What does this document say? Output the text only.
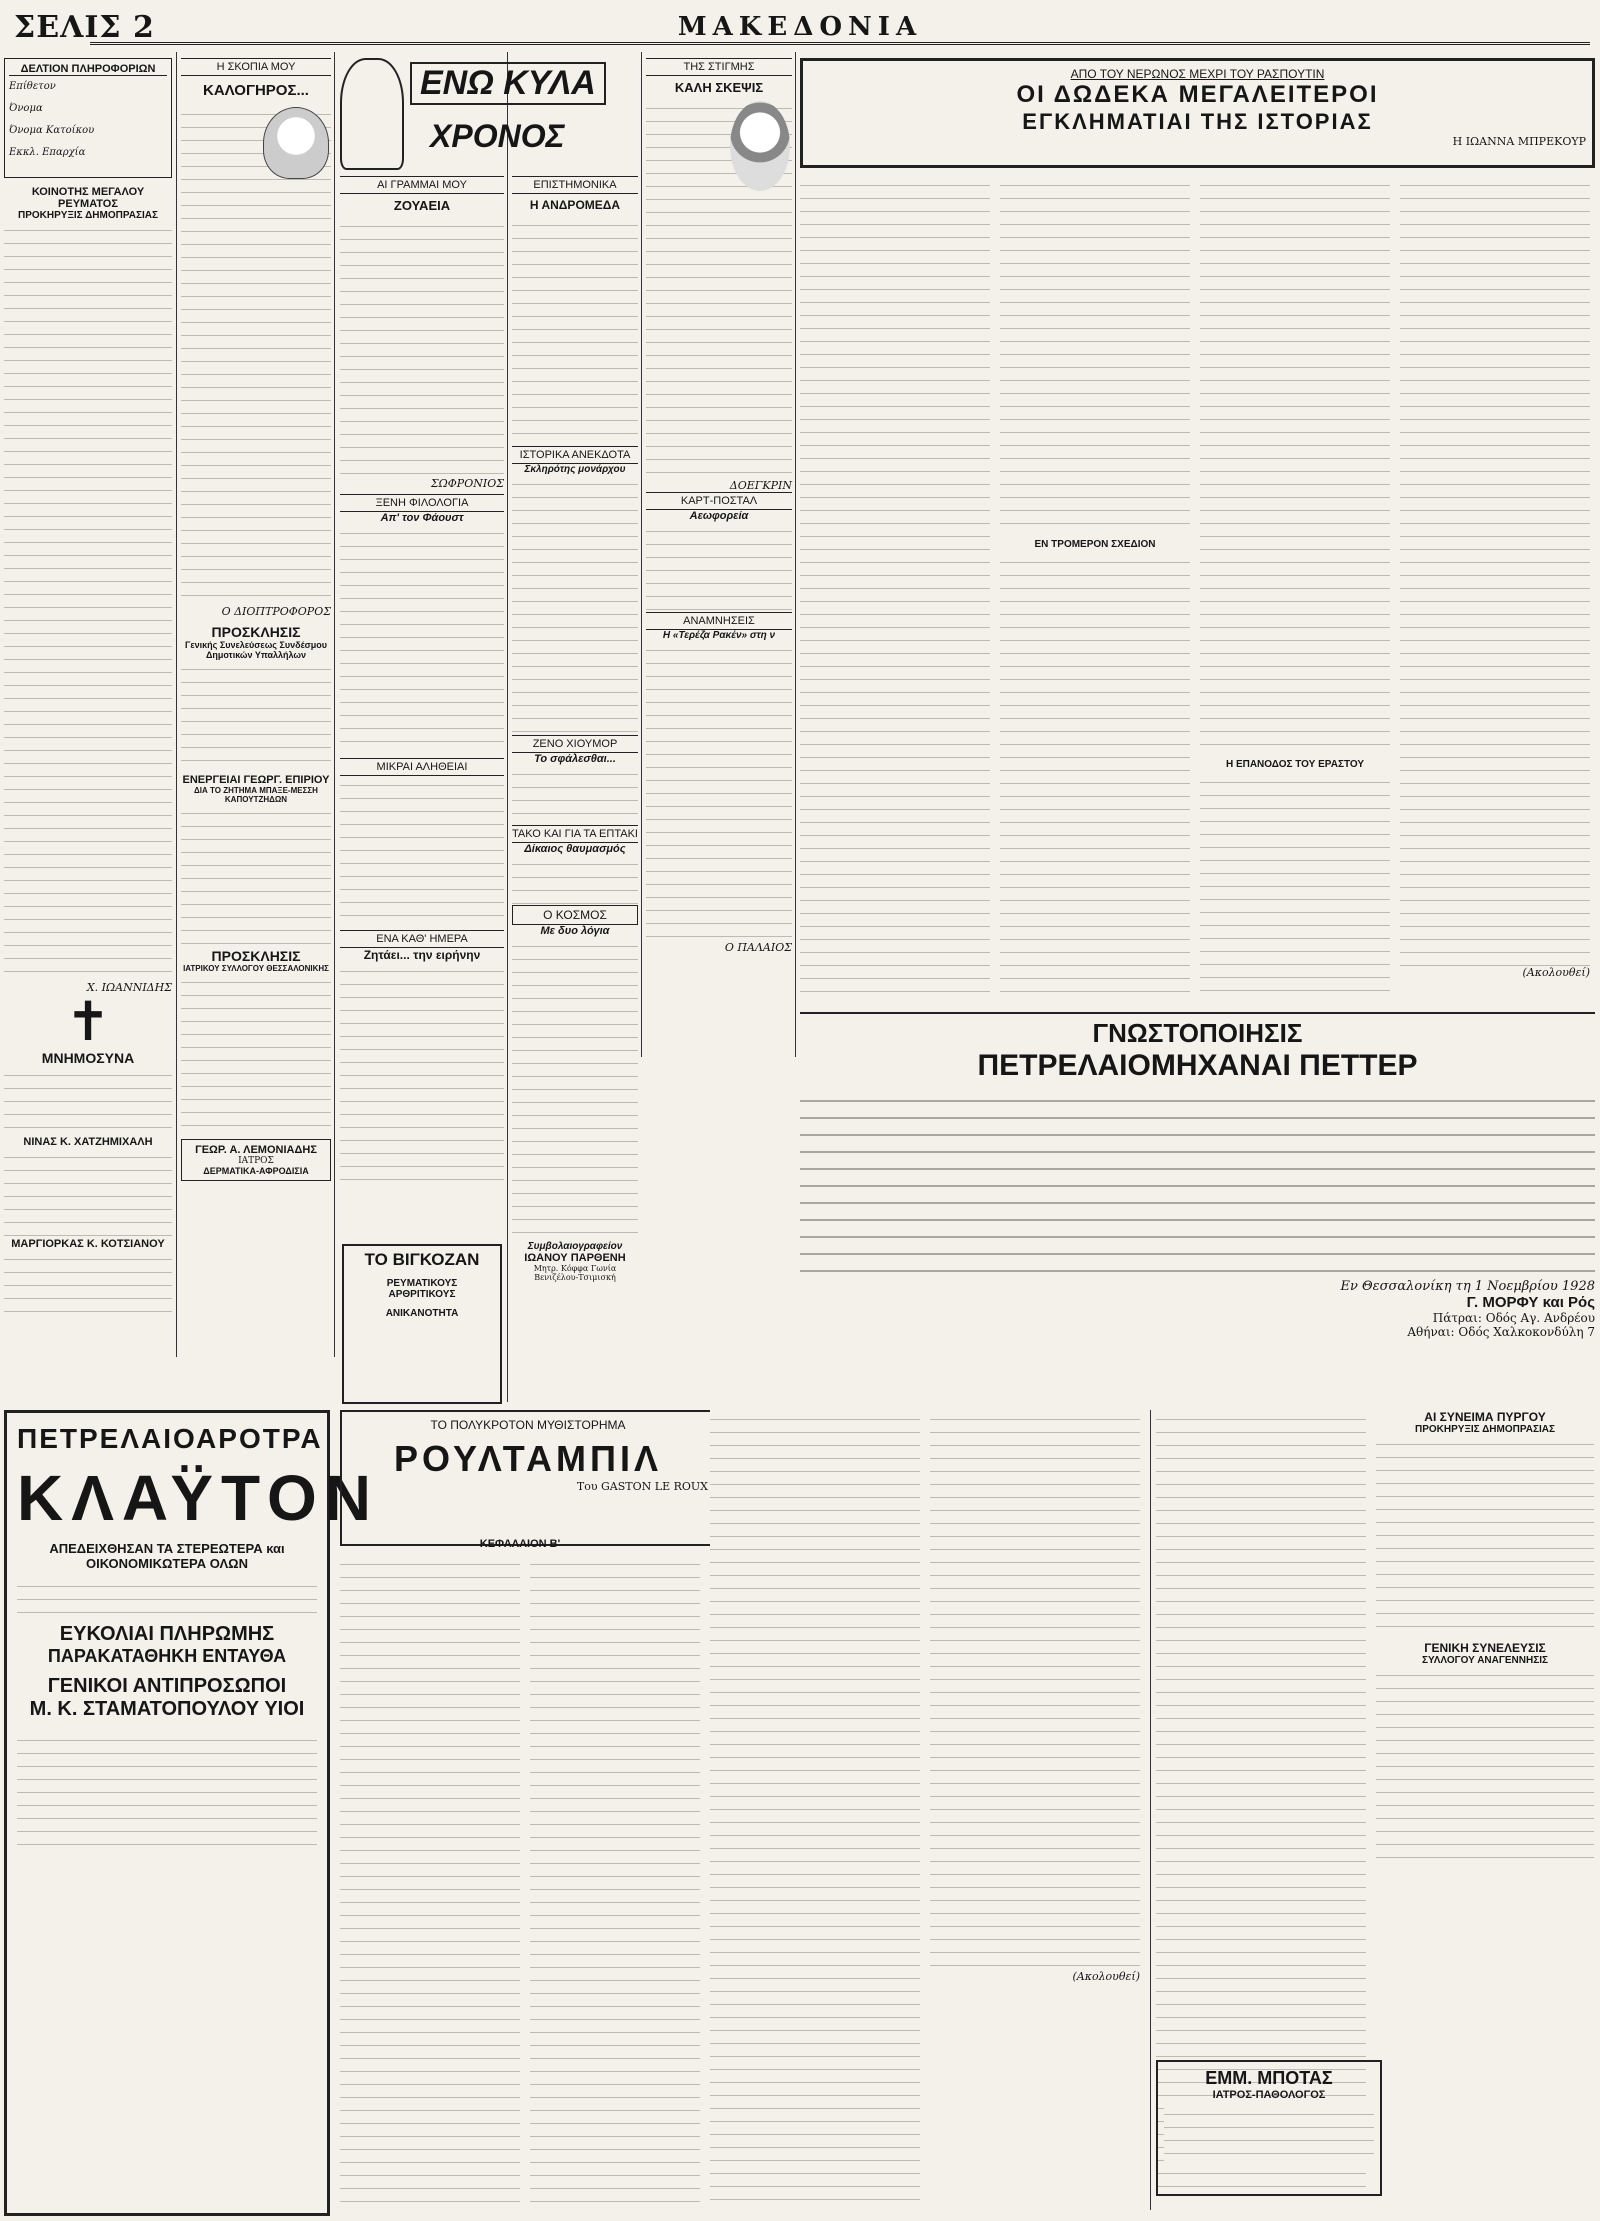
ΣΕΛΙΣ 2	ΜΑΚΕΔΟΝΙΑ
ΔΕΛΤΙΟΝ ΠΛΗΡΟΦΟΡΙΩΝ
Επίθετον
Όνομα
Όνομα Κατοίκου
Εκκλ. Επαρχία
ΚΟΙΝΟΤΗΣ ΜΕΓΑΛΟΥ ΡΕΥΜΑΤΟΣ
ΠΡΟΚΗΡΥΞΙΣ ΔΗΜΟΠΡΑΣΙΑΣ
Χ. ΙΩΑΝΝΙΔΗΣ
✝
ΜΝΗΜΟΣΥΝΑ
ΝΙΝΑΣ Κ. ΧΑΤΖΗΜΙΧΑΛΗ
ΜΑΡΓΙΟΡΚΑΣ Κ. ΚΟΤΣΙΑΝΟΥ
Η ΣΚΟΠΙΑ ΜΟΥ
ΚΑΛΟΓΗΡΟΣ...
Ο ΔΙΟΠΤΡΟΦΟΡΟΣ
ΠΡΟΣΚΛΗΣΙΣ
Γενικής Συνελεύσεως Συνδέσμου Δημοτικών Υπαλλήλων
ΕΝΕΡΓΕΙΑΙ ΓΕΩΡΓ. ΕΠΙΡΙΟΥ
ΔΙΑ ΤΟ ΖΗΤΗΜΑ ΜΠΑΞΕ-ΜΕΣΣΗ ΚΑΠΟΥΤΖΗΔΩΝ
ΠΡΟΣΚΛΗΣΙΣ
ΙΑΤΡΙΚΟΥ ΣΥΛΛΟΓΟΥ ΘΕΣΣΑΛΟΝΙΚΗΣ
ΓΕΩΡ. Α. ΛΕΜΟΝΙΑΔΗΣ
ΙΑΤΡΟΣ
ΔΕΡΜΑΤΙΚΑ-ΑΦΡΟΔΙΣΙΑ
ΕΝΩ ΚΥΛΑ
ΧΡΟΝΟΣ
ΑΙ ΓΡΑΜΜΑΙ ΜΟΥ
ΖΟΥΑΕΙΑ
ΣΩΦΡΟΝΙΟΣ
ΞΕΝΗ ΦΙΛΟΛΟΓΙΑ
Απ' τον Φάουστ
ΜΙΚΡΑΙ ΑΛΗΘΕΙΑΙ
ΕΝΑ ΚΑΘ' ΗΜΕΡΑ
Ζητάει... την ειρήνην
ΤΟ ΒΙΓΚΟΖΑΝ
ΡΕΥΜΑΤΙΚΟΥΣ
ΑΡΘΡΙΤΙΚΟΥΣ
ΑΝΙΚΑΝΟΤΗΤΑ
ΕΠΙΣΤΗΜΟΝΙΚΑ
Η ΑΝΔΡΟΜΕΔΑ
ΙΣΤΟΡΙΚΑ ΑΝΕΚΔΟΤΑ
Σκληρότης μονάρχου
ΖΕΝΟ ΧΙΟΥΜΟΡ
Το σφάλεσθαι...
ΤΑΚΟ ΚΑΙ ΓΙΑ ΤΑ ΕΠΤΑΚΙ
Δίκαιος θαυμασμός
Ο ΚΟΣΜΟΣ
Με δυο λόγια
Συμβολαιογραφείον
ΙΩΑΝΟΥ ΠΑΡΘΕΝΗ
Μητρ. Κόφφα Γωνία Βενιζέλου-Τσιμισκή
ΤΗΣ ΣΤΙΓΜΗΣ
ΚΑΛΗ ΣΚΕΨΙΣ
ΔΟΕΓΚΡΙΝ
ΚΑΡΤ-ΠΟΣΤΑΛ
Αεωφορεία
ΑΝΑΜΝΗΣΕΙΣ
Η «Τερέζα Ρακέν» στη ν
Ο ΠΑΛΑΙΟΣ
ΑΠΟ ΤΟΥ ΝΕΡΩΝΟΣ ΜΕΧΡΙ ΤΟΥ ΡΑΣΠΟΥΤΙΝ
ΟΙ ΔΩΔΕΚΑ ΜΕΓΑΛΕΙΤΕΡΟΙ
ΕΓΚΛΗΜΑΤΙΑΙ ΤΗΣ ΙΣΤΟΡΙΑΣ
Η ΙΩΑΝΝΑ ΜΠΡΕΚΟΥΡ
ΕΝ ΤΡΟΜΕΡΟΝ ΣΧΕΔΙΟΝ
Η ΕΠΑΝΟΔΟΣ ΤΟΥ ΕΡΑΣΤΟΥ
(Ακολουθεί)
ΓΝΩΣΤΟΠΟΙΗΣΙΣ
ΠΕΤΡΕΛΑΙΟΜΗΧΑΝΑΙ ΠΕΤΤΕΡ
Εν Θεσσαλονίκη τη 1 Νοεμβρίου 1928
Γ. ΜΟΡΦΥ και Ρός
Πάτραι: Οδός Αγ. Ανδρέου
Αθήναι: Οδός Χαλκοκονδύλη 7
ΠΕΤΡΕΛΑΙΟΑΡΟΤΡΑ
ΚΛΑΫΤΟΝ
ΑΠΕΔΕΙΧΘΗΣΑΝ ΤΑ ΣΤΕΡΕΩΤΕΡΑ και
ΟΙΚΟΝΟΜΙΚΩΤΕΡΑ ΟΛΩΝ
ΕΥΚΟΛΙΑΙ ΠΛΗΡΩΜΗΣ
ΠΑΡΑΚΑΤΑΘΗΚΗ ΕΝΤΑΥΘΑ
ΓΕΝΙΚΟΙ ΑΝΤΙΠΡΟΣΩΠΟΙ
Μ. Κ. ΣΤΑΜΑΤΟΠΟΥΛΟΥ ΥΙΟΙ
ΤΟ ΠΟΛΥΚΡΟΤΟΝ ΜΥΘΙΣΤΟΡΗΜΑ
ΡΟΥΛΤΑΜΠΙΛ
Του GASTON LE ROUX
ΚΕΦΑΛΑΙΟΝ Β'
(Ακολουθεί)
ΑΙ ΣΥΝΕΙΜΑ ΠΥΡΓΟΥ
ΠΡΟΚΗΡΥΞΙΣ ΔΗΜΟΠΡΑΣΙΑΣ
ΓΕΝΙΚΗ ΣΥΝΕΛΕΥΣΙΣ
ΣΥΛΛΟΓΟΥ ΑΝΑΓΕΝΝΗΣΙΣ
ΕΜΜ. ΜΠΟΤΑΣ
ΙΑΤΡΟΣ-ΠΑΘΟΛΟΓΟΣ
